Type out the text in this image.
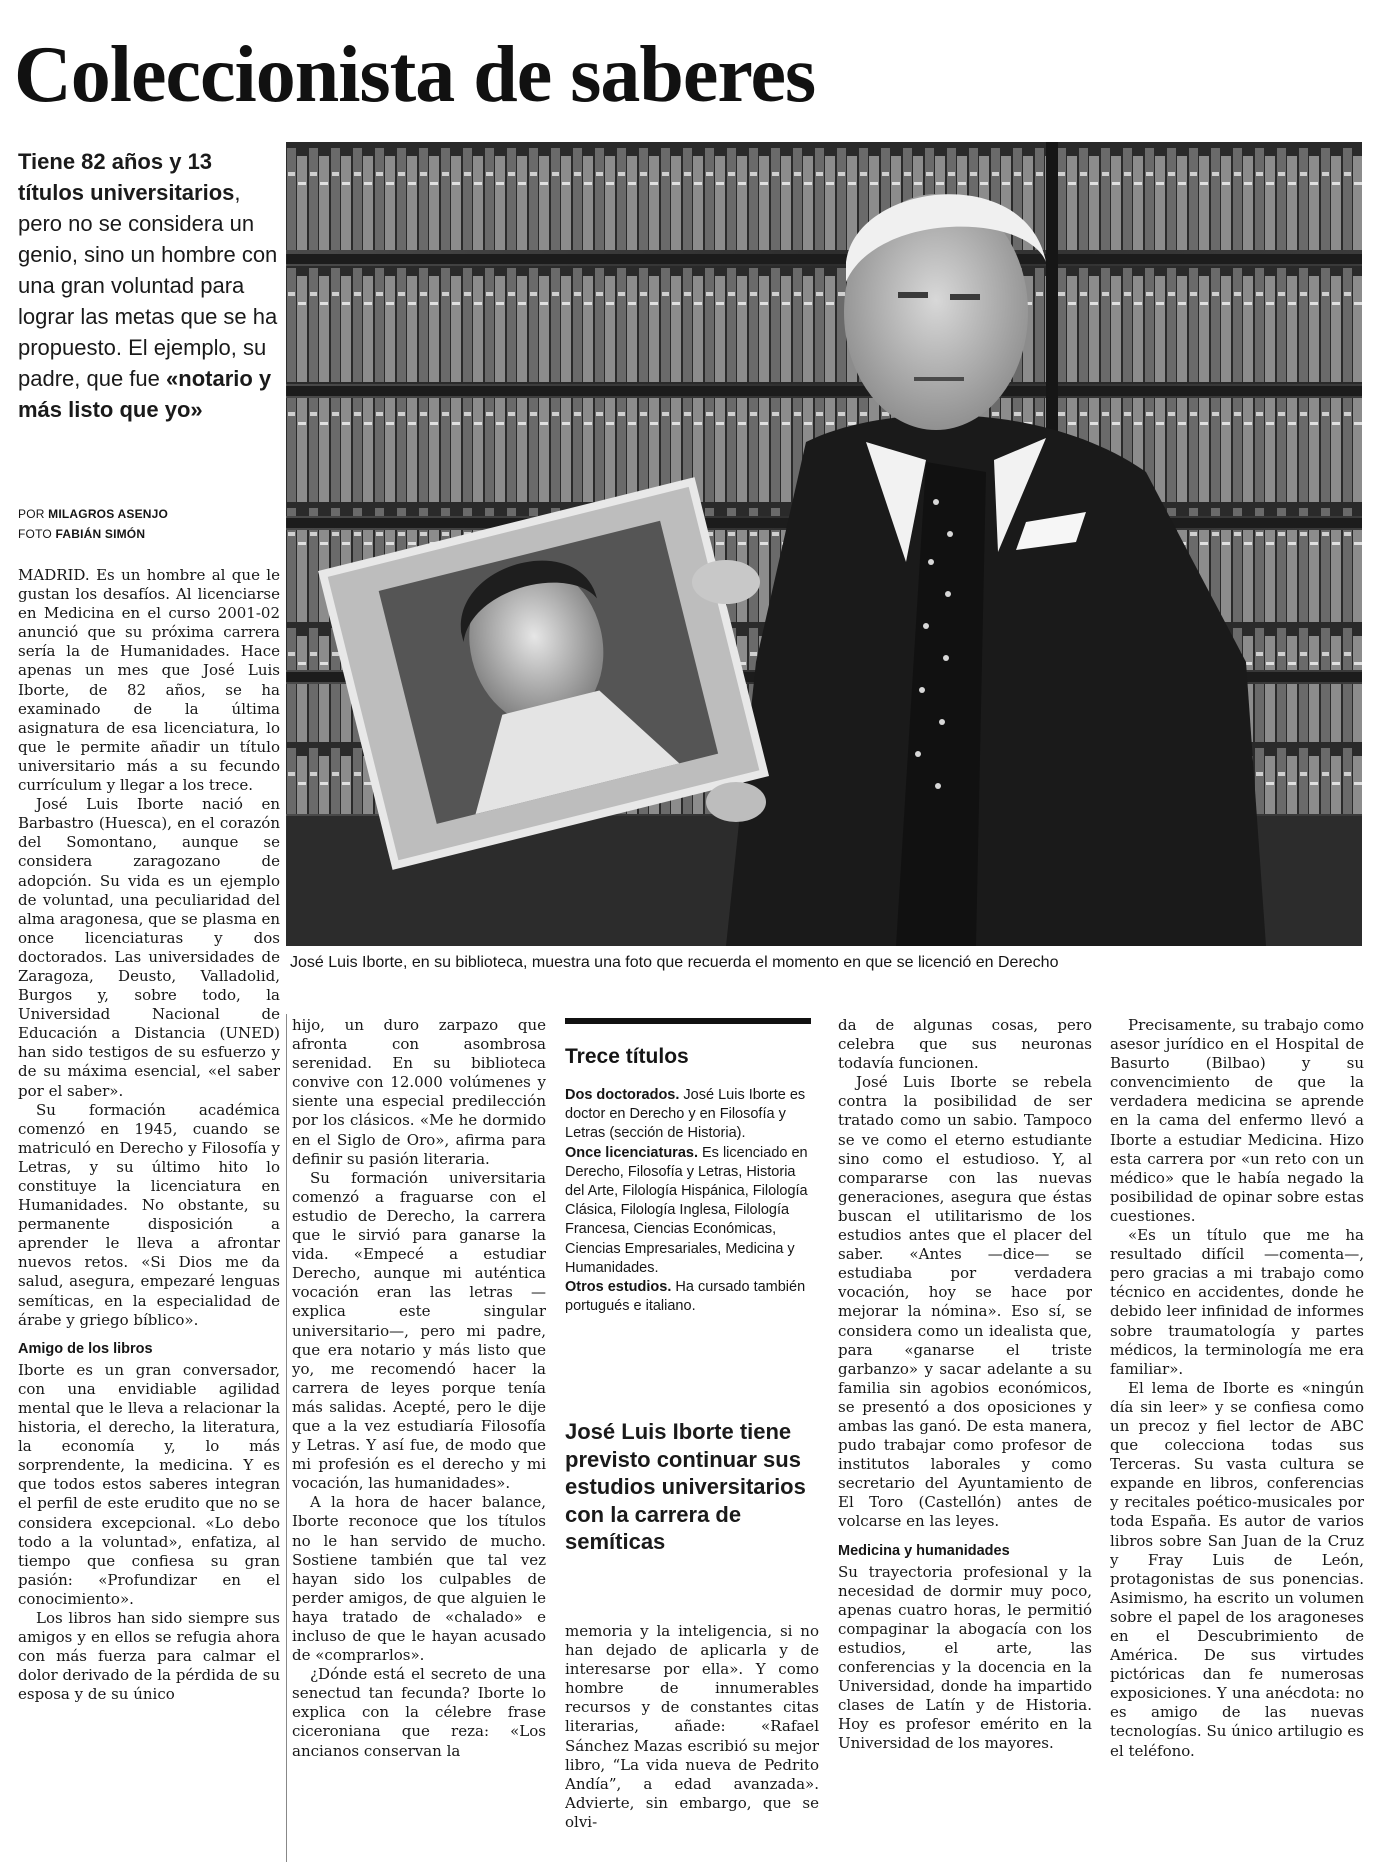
Coleccionista de saberes
Tiene 82 años y 13 títulos universitarios, pero no se considera un genio, sino un hombre con una gran voluntad para lograr las metas que se ha propuesto. El ejemplo, su padre, que fue «notario y más listo que yo»
POR MILAGROS ASENJO
FOTO FABIÁN SIMÓN
José Luis Iborte, en su biblioteca, muestra una foto que recuerda el momento en que se licenció en Derecho

MADRID. Es un hombre al que le gustan los desafíos. Al licenciarse en Medicina en el curso 2001-02 anunció que su próxima carrera sería la de Humanidades. Hace apenas un mes que José Luis Iborte, de 82 años, se ha examinado de la última asignatura de esa licenciatura, lo que le permite añadir un título universitario más a su fecundo currículum y llegar a los trece.

José Luis Iborte nació en Barbastro (Huesca), en el corazón del Somontano, aunque se considera zaragozano de adopción. Su vida es un ejemplo de voluntad, una peculiaridad del alma aragonesa, que se plasma en once licenciaturas y dos doctorados. Las universidades de Zaragoza, Deusto, Valladolid, Burgos y, sobre todo, la Universidad Nacional de Educación a Distancia (UNED) han sido testigos de su esfuerzo y de su máxima esencial, «el saber por el saber».

Su formación académica comenzó en 1945, cuando se matriculó en Derecho y Filosofía y Letras, y su último hito lo constituye la licenciatura en Humanidades. No obstante, su permanente disposición a aprender le lleva a afrontar nuevos retos. «Si Dios me da salud, asegura, empezaré lenguas semíticas, en la especialidad de árabe y griego bíblico».

Amigo de los libros

Iborte es un gran conversador, con una envidiable agilidad mental que le lleva a relacionar la historia, el derecho, la literatura, la economía y, lo más sorprendente, la medicina. Y es que todos estos saberes integran el perfil de este erudito que no se considera excepcional. «Lo debo todo a la voluntad», enfatiza, al tiempo que confiesa su gran pasión: «Profundizar en el conocimiento».

Los libros han sido siempre sus amigos y en ellos se refugia ahora con más fuerza para calmar el dolor derivado de la pérdida de su esposa y de su único

hijo, un duro zarpazo que afronta con asombrosa serenidad. En su biblioteca convive con 12.000 volúmenes y siente una especial predilección por los clásicos. «Me he dormido en el Siglo de Oro», afirma para definir su pasión literaria.

Su formación universitaria comenzó a fraguarse con el estudio de Derecho, la carrera que le sirvió para ganarse la vida. «Empecé a estudiar Derecho, aunque mi auténtica vocación eran las letras —explica este singular universitario—, pero mi padre, que era notario y más listo que yo, me recomendó hacer la carrera de leyes porque tenía más salidas. Acepté, pero le dije que a la vez estudiaría Filosofía y Letras. Y así fue, de modo que mi profesión es el derecho y mi vocación, las humanidades».

A la hora de hacer balance, Iborte reconoce que los títulos no le han servido de mucho. Sostiene también que tal vez hayan sido los culpables de perder amigos, de que alguien le haya tratado de «chalado» e incluso de que le hayan acusado de «comprarlos».

¿Dónde está el secreto de una senectud tan fecunda? Iborte lo explica con la célebre frase ciceroniana que reza: «Los ancianos conservan la

Trece títulos

Dos doctorados. José Luis Iborte es doctor en Derecho y en Filosofía y Letras (sección de Historia).

Once licenciaturas. Es licenciado en Derecho, Filosofía y Letras, Historia del Arte, Filología Hispánica, Filología Clásica, Filología Inglesa, Filología Francesa, Ciencias Económicas, Ciencias Empresariales, Medicina y Humanidades.

Otros estudios. Ha cursado también portugués e italiano.

José Luis Iborte tiene previsto continuar sus estudios universitarios con la carrera de semíticas

memoria y la inteligencia, si no han dejado de aplicarla y de interesarse por ella». Y como hombre de innumerables recursos y de constantes citas literarias, añade: «Rafael Sánchez Mazas escribió su mejor libro, “La vida nueva de Pedrito Andía”, a edad avanzada». Advierte, sin embargo, que se olvi-

da de algunas cosas, pero celebra que sus neuronas todavía funcionen.

José Luis Iborte se rebela contra la posibilidad de ser tratado como un sabio. Tampoco se ve como el eterno estudiante sino como el estudioso. Y, al compararse con las nuevas generaciones, asegura que éstas buscan el utilitarismo de los estudios antes que el placer del saber. «Antes —dice— se estudiaba por verdadera vocación, hoy se hace por mejorar la nómina». Eso sí, se considera como un idealista que, para «ganarse el triste garbanzo» y sacar adelante a su familia sin agobios económicos, se presentó a dos oposiciones y ambas las ganó. De esta manera, pudo trabajar como profesor de institutos laborales y como secretario del Ayuntamiento de El Toro (Castellón) antes de volcarse en las leyes.

Medicina y humanidades

Su trayectoria profesional y la necesidad de dormir muy poco, apenas cuatro horas, le permitió compaginar la abogacía con los estudios, el arte, las conferencias y la docencia en la Universidad, donde ha impartido clases de Latín y de Historia. Hoy es profesor emérito en la Universidad de los mayores.

Precisamente, su trabajo como asesor jurídico en el Hospital de Basurto (Bilbao) y su convencimiento de que la verdadera medicina se aprende en la cama del enfermo llevó a Iborte a estudiar Medicina. Hizo esta carrera por «un reto con un médico» que le había negado la posibilidad de opinar sobre estas cuestiones.

«Es un título que me ha resultado difícil —comenta—, pero gracias a mi trabajo como técnico en accidentes, donde he debido leer infinidad de informes sobre traumatología y partes médicos, la terminología me era familiar».

El lema de Iborte es «ningún día sin leer» y se confiesa como un precoz y fiel lector de ABC que colecciona todas sus Terceras. Su vasta cultura se expande en libros, conferencias y recitales poético-musicales por toda España. Es autor de varios libros sobre San Juan de la Cruz y Fray Luis de León, protagonistas de sus ponencias. Asimismo, ha escrito un volumen sobre el papel de los aragoneses en el Descubrimiento de América. De sus virtudes pictóricas dan fe numerosas exposiciones. Y una anécdota: no es amigo de las nuevas tecnologías. Su único artilugio es el teléfono.
